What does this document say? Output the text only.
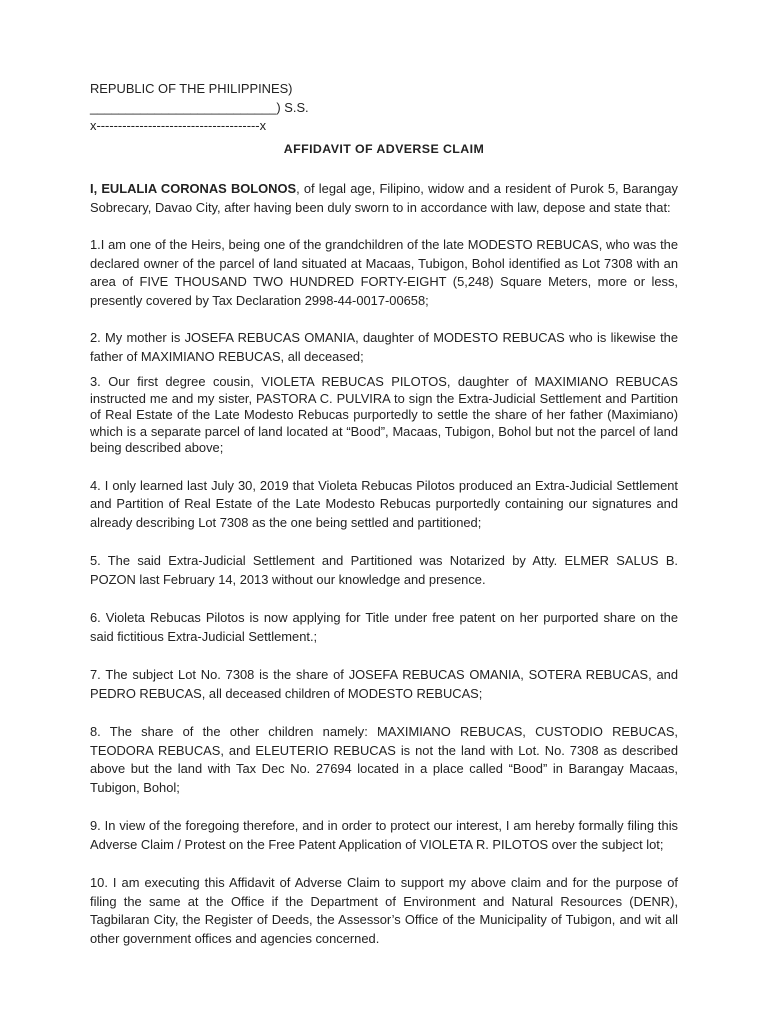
REPUBLIC OF THE PHILIPPINES)

__________________________) S.S.

x--------------------------------------x

AFFIDAVIT OF ADVERSE CLAIM

I, EULALIA CORONAS BOLONOS, of legal age, Filipino, widow and a resident of Purok 5, Barangay Sobrecary, Davao City, after having been duly sworn to in accordance with law, depose and state that:

1.I am one of the Heirs, being one of the grandchildren of the late MODESTO REBUCAS, who was the declared owner of the parcel of land situated at Macaas, Tubigon, Bohol identified as Lot 7308 with an area of FIVE THOUSAND TWO HUNDRED FORTY-EIGHT (5,248) Square Meters, more or less, presently covered by Tax Declaration 2998-44-0017-00658;

2. My mother is JOSEFA REBUCAS OMANIA, daughter of MODESTO REBUCAS who is likewise the father of MAXIMIANO REBUCAS, all deceased;

3. Our first degree cousin, VIOLETA REBUCAS PILOTOS, daughter of MAXIMIANO REBUCAS instructed me and my sister, PASTORA C. PULVIRA to sign the Extra-Judicial Settlement and Partition of Real Estate of the Late Modesto Rebucas purportedly to settle the share of her father (Maximiano) which is a separate parcel of land located at “Bood”, Macaas, Tubigon, Bohol but not the parcel of land being described above;

4. I only learned last July 30, 2019 that Violeta Rebucas Pilotos produced an Extra-Judicial Settlement and Partition of Real Estate of the Late Modesto Rebucas purportedly containing our signatures and already describing Lot 7308 as the one being settled and partitioned;

5. The said Extra-Judicial Settlement and Partitioned was Notarized by Atty. ELMER SALUS B. POZON last February 14, 2013 without our knowledge and presence.

6. Violeta Rebucas Pilotos is now applying for Title under free patent on her purported share on the said fictitious Extra-Judicial Settlement.;

7. The subject Lot No. 7308 is the share of JOSEFA REBUCAS OMANIA, SOTERA REBUCAS, and PEDRO REBUCAS, all deceased children of MODESTO REBUCAS;

8. The share of the other children namely: MAXIMIANO REBUCAS, CUSTODIO REBUCAS, TEODORA REBUCAS, and ELEUTERIO REBUCAS is not the land with Lot. No. 7308 as described above but the land with Tax Dec No. 27694 located in a place called “Bood” in Barangay Macaas, Tubigon, Bohol;

9. In view of the foregoing therefore, and in order to protect our interest, I am hereby formally filing this Adverse Claim / Protest on the Free Patent Application of VIOLETA R. PILOTOS over the subject lot;

10. I am executing this Affidavit of Adverse Claim to support my above claim and for the purpose of filing the same at the Office if the Department of Environment and Natural Resources (DENR), Tagbilaran City, the Register of Deeds, the Assessor’s Office of the Municipality of Tubigon, and wit all other government offices and agencies concerned.
